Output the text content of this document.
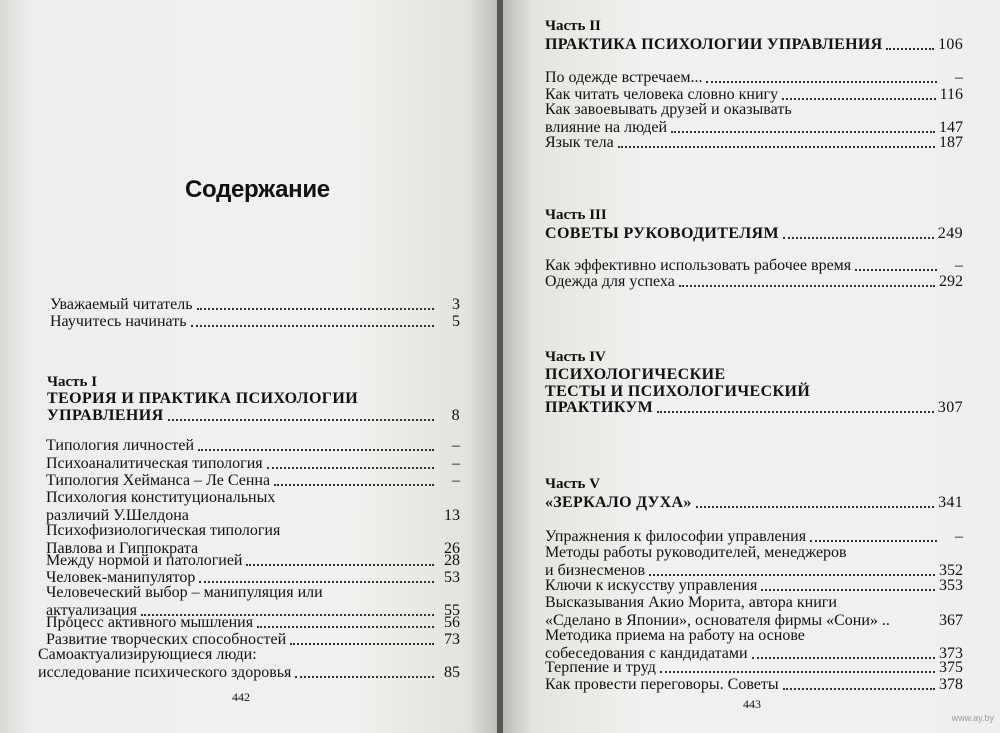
Содержание
Уважаемый читатель	3
Научитесь начинать	5
Часть I
ТЕОРИЯ И ПРАКТИКА ПСИХОЛОГИИ
УПРАВЛЕНИЯ	8
Типология личностей	–
Психоаналитическая типология	–
Типология Хейманса – Ле Сенна	–
Психология конституциональных
различий У.Шелдона	13
Психофизиологическая типология
Павлова и Гиппократа	26
Между нормой и патологией	28
Человек-манипулятор	53
Человеческий выбор – манипуляция или
актуализация	55
Процесс активного мышления	56
Развитие творческих способностей	73
Самоактуализирующиеся люди:
исследование психического здоровья	85
442
Часть II
ПРАКТИКА ПСИХОЛОГИИ УПРАВЛЕНИЯ	106
По одежде встречаем...	–
Как читать человека словно книгу	116
Как завоевывать друзей и оказывать
влияние на людей	147
Язык тела	187
Часть III
СОВЕТЫ РУКОВОДИТЕЛЯМ	249
Как эффективно использовать рабочее время	–
Одежда для успеха	292
Часть IV
ПСИХОЛОГИЧЕСКИЕ
ТЕСТЫ И ПСИХОЛОГИЧЕСКИЙ
ПРАКТИКУМ	307
Часть V
«ЗЕРКАЛО ДУХА»	341
Упражнения к философии управления	–
Методы работы руководителей, менеджеров
и бизнесменов	352
Ключи к искусству управления	353
Высказывания Акио Морита, автора книги
«Сделано в Японии», основателя фирмы «Сони» ..	367
Методика приема на работу на основе
собеседования с кандидатами	373
Терпение и труд	375
Как провести переговоры. Советы	378
443
www.ay.by
